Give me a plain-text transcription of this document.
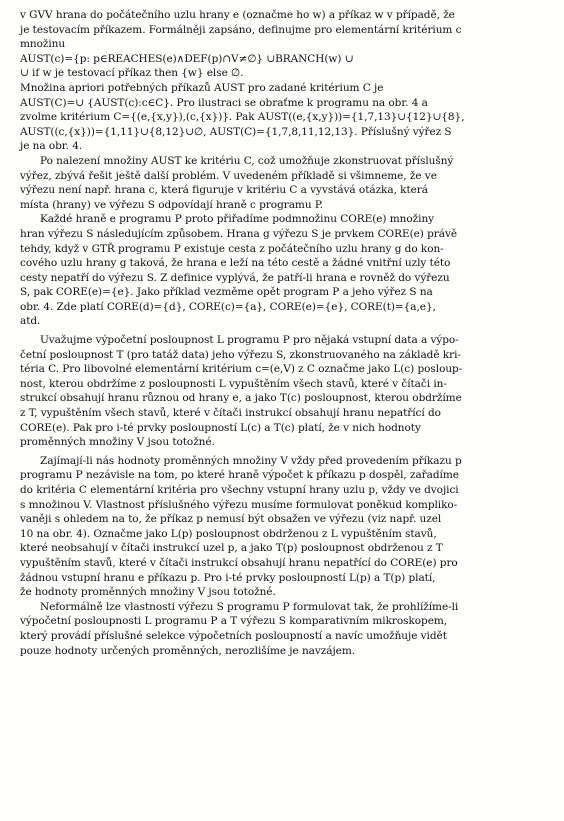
v GVV hrana do počátečního uzlu hrany e (označme ho w) a příkaz w v případě, že
je testovacím příkazem. Formálněji zapsáno, definujme pro elementární kritérium c
množinu
AUST(c)={p: p∈REACHES(e)∧DEF(p)∩V≠∅} ∪BRANCH(w) ∪
∪ if w je testovací příkaz then {w} else ∅.
Množina apriori potřebných příkazů AUST pro zadané kritérium C je
AUST(C)=∪ {AUST(c):c∈C}. Pro ilustraci se obraťme k programu na obr. 4 a
zvolme kritérium C={(e,{x,y}),(c,{x})}. Pak AUST((e,{x,y}))={1,7,13}∪{12}∪{8},
AUST((c,{x}))={1,11}∪{8,12}∪∅, AUST(C)={1,7,8,11,12,13}. Příslušný výřez S
je na obr. 4.

Po nalezení množiny AUST ke kritériu C, což umožňuje zkonstruovat příslušný
výřez, zbývá řešit ještě další problém. V uvedeném příkladě si všimneme, že ve
výřezu není např. hrana c, která figuruje v kritériu C a vyvstává otázka, která
místa (hrany) ve výřezu S odpovídají hraně c programu P.

Každé hraně e programu P proto přiřadíme podmnožinu CORE(e) množiny
hran výřezu S následujícím způsobem. Hrana g výřezu S je prvkem CORE(e) právě
tehdy, když v GTŘ programu P existuje cesta z počátečního uzlu hrany g do kon-
cového uzlu hrany g taková, že hrana e leží na této cestě a žádné vnitřní uzly této
cesty nepatří do výřezu S. Z definice vyplývá, že patří-li hrana e rovněž do výřezu
S, pak CORE(e)={e}. Jako příklad vezměme opět program P a jeho výřez S na
obr. 4. Zde platí CORE(d)={d}, CORE(c)={a}, CORE(e)={e}, CORE(t)={a,e},
atd.

Uvažujme výpočetní posloupnost L programu P pro nějaká vstupní data a výpo-
četní posloupnost T (pro tatáž data) jeho výřezu S, zkonstruovaného na základě kri-
téria C. Pro libovolné elementární kritérium c=(e,V) z C označme jako L(c) posloup-
nost, kterou obdržíme z posloupnosti L vypuštěním všech stavů, které v čítači in-
strukcí obsahují hranu různou od hrany e, a jako T(c) posloupnost, kterou obdržíme
z T, vypuštěním všech stavů, které v čítači instrukcí obsahují hranu nepatřící do
CORE(e). Pak pro i-té prvky posloupností L(c) a T(c) platí, že v nich hodnoty
proměnných množiny V jsou totožné.

Zajímají-li nás hodnoty proměnných množiny V vždy před provedením příkazu p
programu P nezávisle na tom, po které hraně výpočet k příkazu p dospěl, zařadíme
do kritéria C elementární kritéria pro všechny vstupní hrany uzlu p, vždy ve dvojici
s množinou V. Vlastnost příslušného výřezu musíme formulovat poněkud kompliko-
vaněji s ohledem na to, že příkaz p nemusí být obsažen ve výřezu (viz např. uzel
10 na obr. 4). Označme jako L(p) posloupnost obdrženou z L vypuštěním stavů,
které neobsahují v čítači instrukcí uzel p, a jako T(p) posloupnost obdrženou z T
vypuštěním stavů, které v čítači instrukcí obsahují hranu nepatřící do CORE(e) pro
žádnou vstupní hranu e příkazu p. Pro i-té prvky posloupností L(p) a T(p) platí,
že hodnoty proměnných množiny V jsou totožné.

Neformálně lze vlastnosti výřezu S programu P formulovat tak, že prohlížíme-li
výpočetní posloupnosti L programu P a T výřezu S komparativním mikroskopem,
který provádí příslušné selekce výpočetních posloupností a navíc umožňuje vidět
pouze hodnoty určených proměnných, nerozlišíme je navzájem.
